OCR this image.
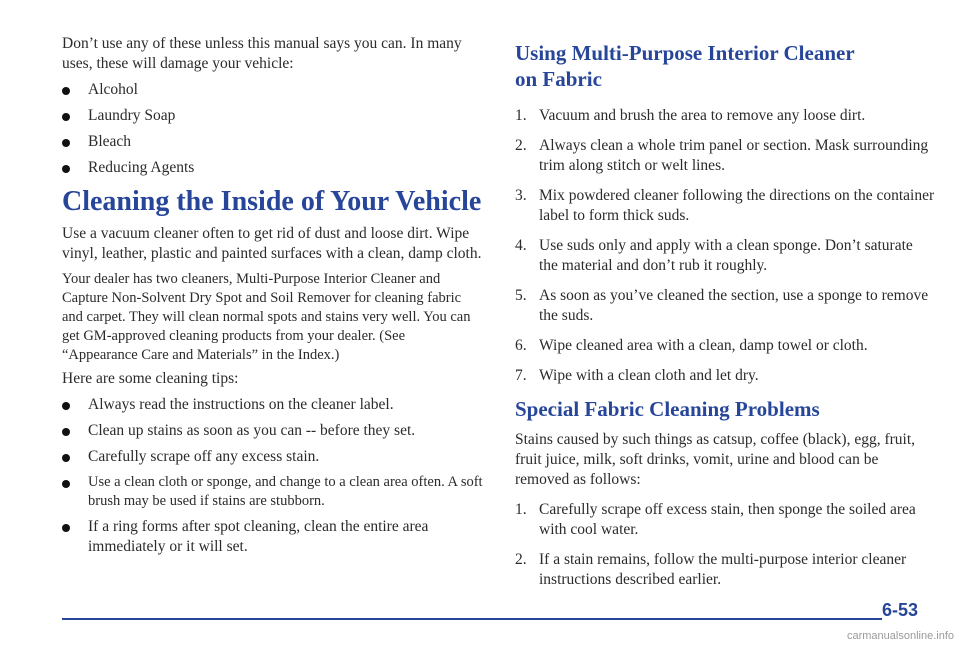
Don’t use any of these unless this manual says you can. In many uses, these will damage your vehicle:

Alcohol
Laundry Soap
Bleach
Reducing Agents
Cleaning the Inside of Your Vehicle

Use a vacuum cleaner often to get rid of dust and loose dirt. Wipe vinyl, leather, plastic and painted surfaces with a clean, damp cloth.

Your dealer has two cleaners, Multi-Purpose Interior Cleaner and Capture Non-Solvent Dry Spot and Soil Remover for cleaning fabric and carpet. They will clean normal spots and stains very well. You can get GM-approved cleaning products from your dealer. (See “Appearance Care and Materials” in the Index.)

Here are some cleaning tips:

Always read the instructions on the cleaner label.
Clean up stains as soon as you can -- before they set.
Carefully scrape off any excess stain.
Use a clean cloth or sponge, and change to a clean area often. A soft brush may be used if stains are stubborn.
If a ring forms after spot cleaning, clean the entire area immediately or it will set.
Using Multi-Purpose Interior Cleaner
on Fabric
1. Vacuum and brush the area to remove any loose dirt.
2. Always clean a whole trim panel or section. Mask surrounding trim along stitch or welt lines.
3. Mix powdered cleaner following the directions on the container label to form thick suds.
4. Use suds only and apply with a clean sponge. Don’t saturate the material and don’t rub it roughly.
5. As soon as you’ve cleaned the section, use a sponge to remove the suds.
6. Wipe cleaned area with a clean, damp towel or cloth.
7. Wipe with a clean cloth and let dry.
Special Fabric Cleaning Problems

Stains caused by such things as catsup, coffee (black), egg, fruit, fruit juice, milk, soft drinks, vomit, urine and blood can be removed as follows:

1. Carefully scrape off excess stain, then sponge the soiled area with cool water.
2. If a stain remains, follow the multi-purpose interior cleaner instructions described earlier.
6-53
carmanualsonline.info
